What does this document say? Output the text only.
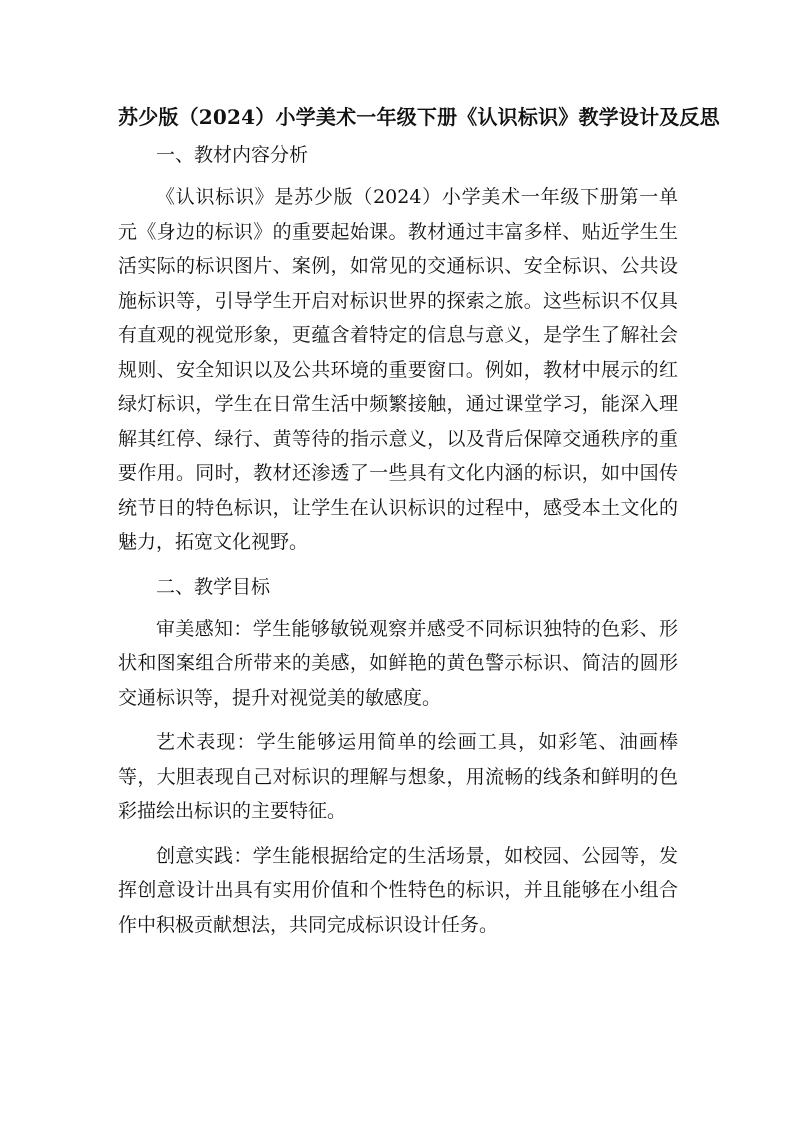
苏少版（2024）小学美术一年级下册《认识标识》教学设计及反思

一、教材内容分析

《认识标识》是苏少版（2024）小学美术一年级下册第一单元《身边的标识》的重要起始课。教材通过丰富多样、贴近学生生活实际的标识图片、案例，如常见的交通标识、安全标识、公共设施标识等，引导学生开启对标识世界的探索之旅。这些标识不仅具有直观的视觉形象，更蕴含着特定的信息与意义，是学生了解社会规则、安全知识以及公共环境的重要窗口。例如，教材中展示的红绿灯标识，学生在日常生活中频繁接触，通过课堂学习，能深入理解其红停、绿行、黄等待的指示意义，以及背后保障交通秩序的重要作用。同时，教材还渗透了一些具有文化内涵的标识，如中国传统节日的特色标识，让学生在认识标识的过程中，感受本土文化的魅力，拓宽文化视野。

二、教学目标

审美感知：学生能够敏锐观察并感受不同标识独特的色彩、形状和图案组合所带来的美感，如鲜艳的黄色警示标识、简洁的圆形交通标识等，提升对视觉美的敏感度。

艺术表现：学生能够运用简单的绘画工具，如彩笔、油画棒等，大胆表现自己对标识的理解与想象，用流畅的线条和鲜明的色彩描绘出标识的主要特征。

创意实践：学生能根据给定的生活场景，如校园、公园等，发挥创意设计出具有实用价值和个性特色的标识，并且能够在小组合作中积极贡献想法，共同完成标识设计任务。
